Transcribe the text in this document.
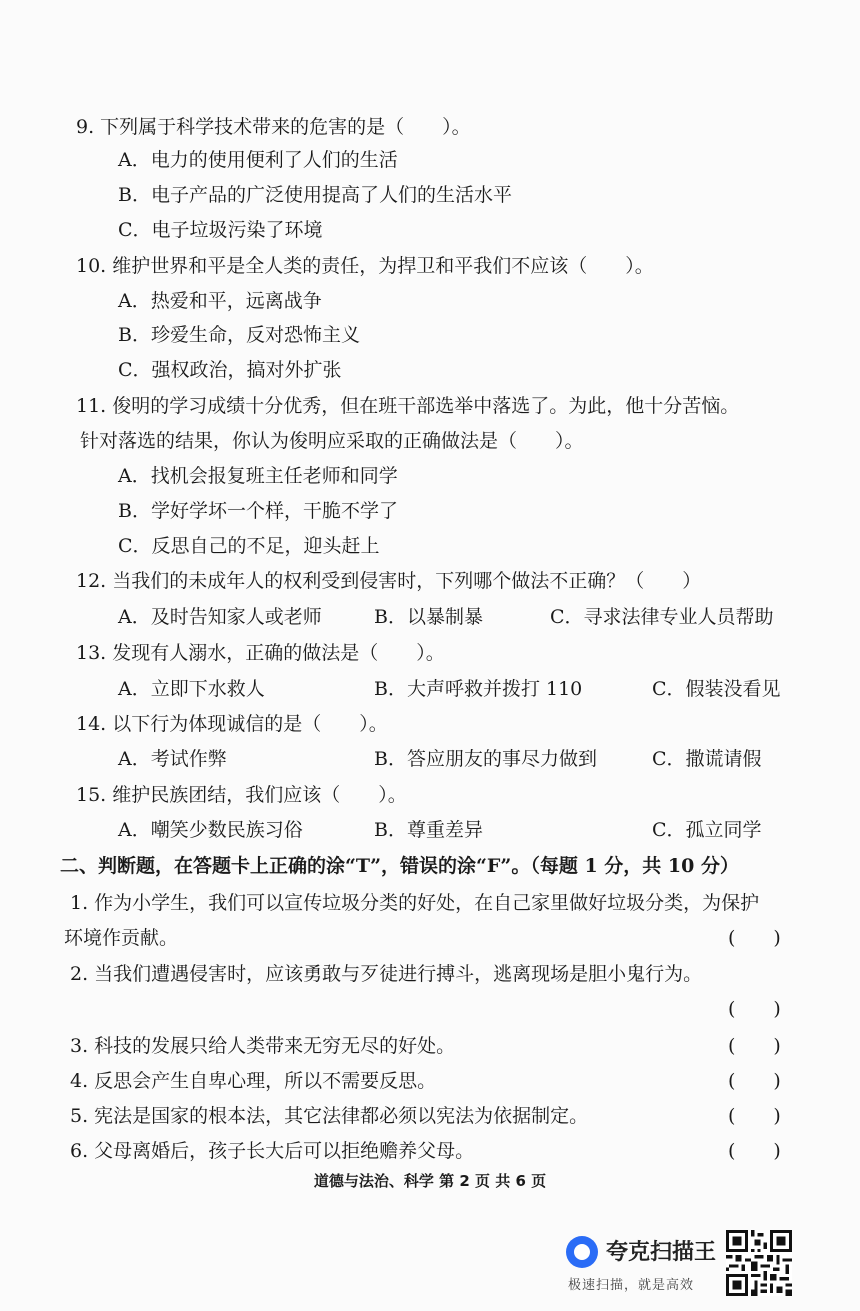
9. 下列属于科学技术带来的危害的是（　　）。
A．电力的使用便利了人们的生活
B．电子产品的广泛使用提高了人们的生活水平
C．电子垃圾污染了环境
10. 维护世界和平是全人类的责任，为捍卫和平我们不应该（　　）。
A．热爱和平，远离战争
B．珍爱生命，反对恐怖主义
C．强权政治，搞对外扩张
11. 俊明的学习成绩十分优秀，但在班干部选举中落选了。为此，他十分苦恼。
针对落选的结果，你认为俊明应采取的正确做法是（　　）。
A．找机会报复班主任老师和同学
B．学好学坏一个样，干脆不学了
C．反思自己的不足，迎头赶上
12. 当我们的未成年人的权利受到侵害时，下列哪个做法不正确？（　　）
A．及时告知家人或老师	B．以暴制暴	C．寻求法律专业人员帮助
13. 发现有人溺水，正确的做法是（　　）。
A．立即下水救人	B．大声呼救并拨打 110	C．假装没看见
14. 以下行为体现诚信的是（　　）。
A．考试作弊	B．答应朋友的事尽力做到	C．撒谎请假
15. 维护民族团结，我们应该（　　）。
A．嘲笑少数民族习俗	B．尊重差异	C．孤立同学
二、判断题，在答题卡上正确的涂“T”，错误的涂“F”。（每题 1 分，共 10 分）
1. 作为小学生，我们可以宣传垃圾分类的好处，在自己家里做好垃圾分类，为保护
环境作贡献。	(　　)
2. 当我们遭遇侵害时，应该勇敢与歹徒进行搏斗，逃离现场是胆小鬼行为。
(　　)
3. 科技的发展只给人类带来无穷无尽的好处。	(　　)
4. 反思会产生自卑心理，所以不需要反思。	(　　)
5. 宪法是国家的根本法，其它法律都必须以宪法为依据制定。	(　　)
6. 父母离婚后，孩子长大后可以拒绝赡养父母。	(　　)
道德与法治、科学 第 2 页 共 6 页
夸克扫描王
极速扫描，就是高效
